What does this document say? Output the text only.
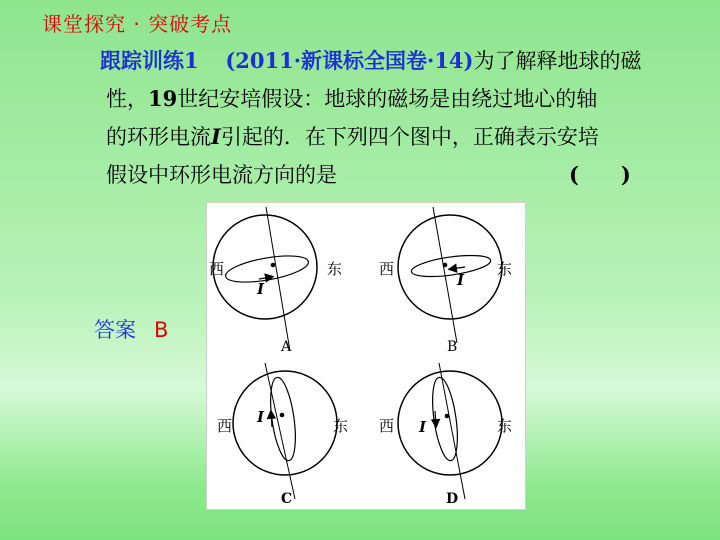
课堂探究 · 突破考点
跟踪训练1 (2011·新课标全国卷·14)为了解释地球的磁
性，19世纪安培假设：地球的磁场是由绕过地心的轴
的环形电流I引起的．在下列四个图中，正确表示安培
假设中环形电流方向的是	(　　)
答案 B
西	东
I
A
西	东
I
B
西	东
I
C
西	东
I
D
